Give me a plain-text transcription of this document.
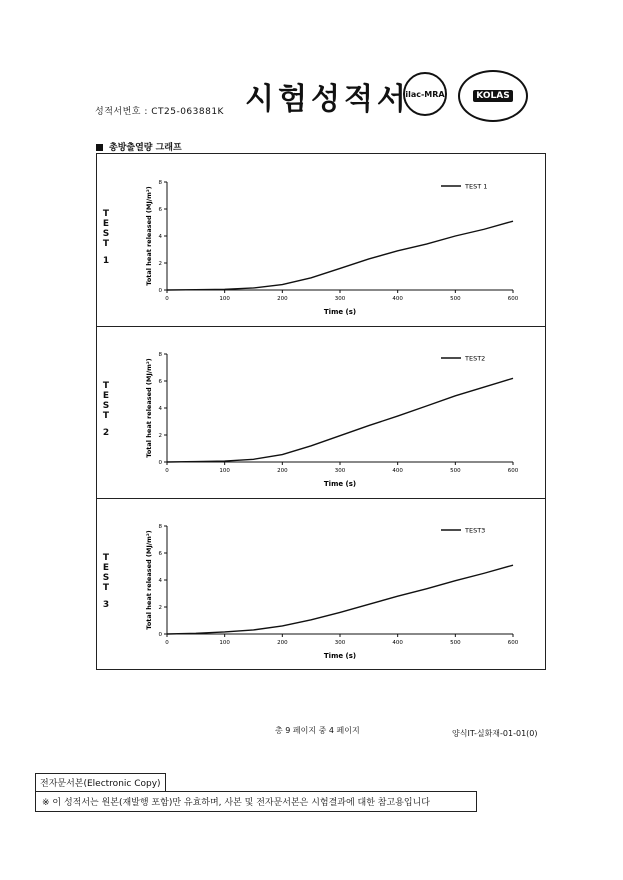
시험성적서
성적서번호 : CT25-063881K
ilac-MRA	KOLAS
총방출열량 그래프
T
E
S
T
1
0
2
4
6
8
0	100	200	300	400	500	600
Time (s)
Total heat released (MJ/m²)	TEST 1
T
E
S
T
2
0
2
4
6
8
0	100	200	300	400	500	600
Time (s)
Total heat released (MJ/m²)	TEST2
T
E
S
T
3
0
2
4
6
8
0	100	200	300	400	500	600
Time (s)
Total heat released (MJ/m²)	TEST3
총 9 페이지 중 4 페이지	양식IT-실화재-01-01(0)
전자문서본(Electronic Copy)
※ 이 성적서는 원본(재발행 포함)만 유효하며, 사본 및 전자문서본은 시험결과에 대한 참고용입니다
